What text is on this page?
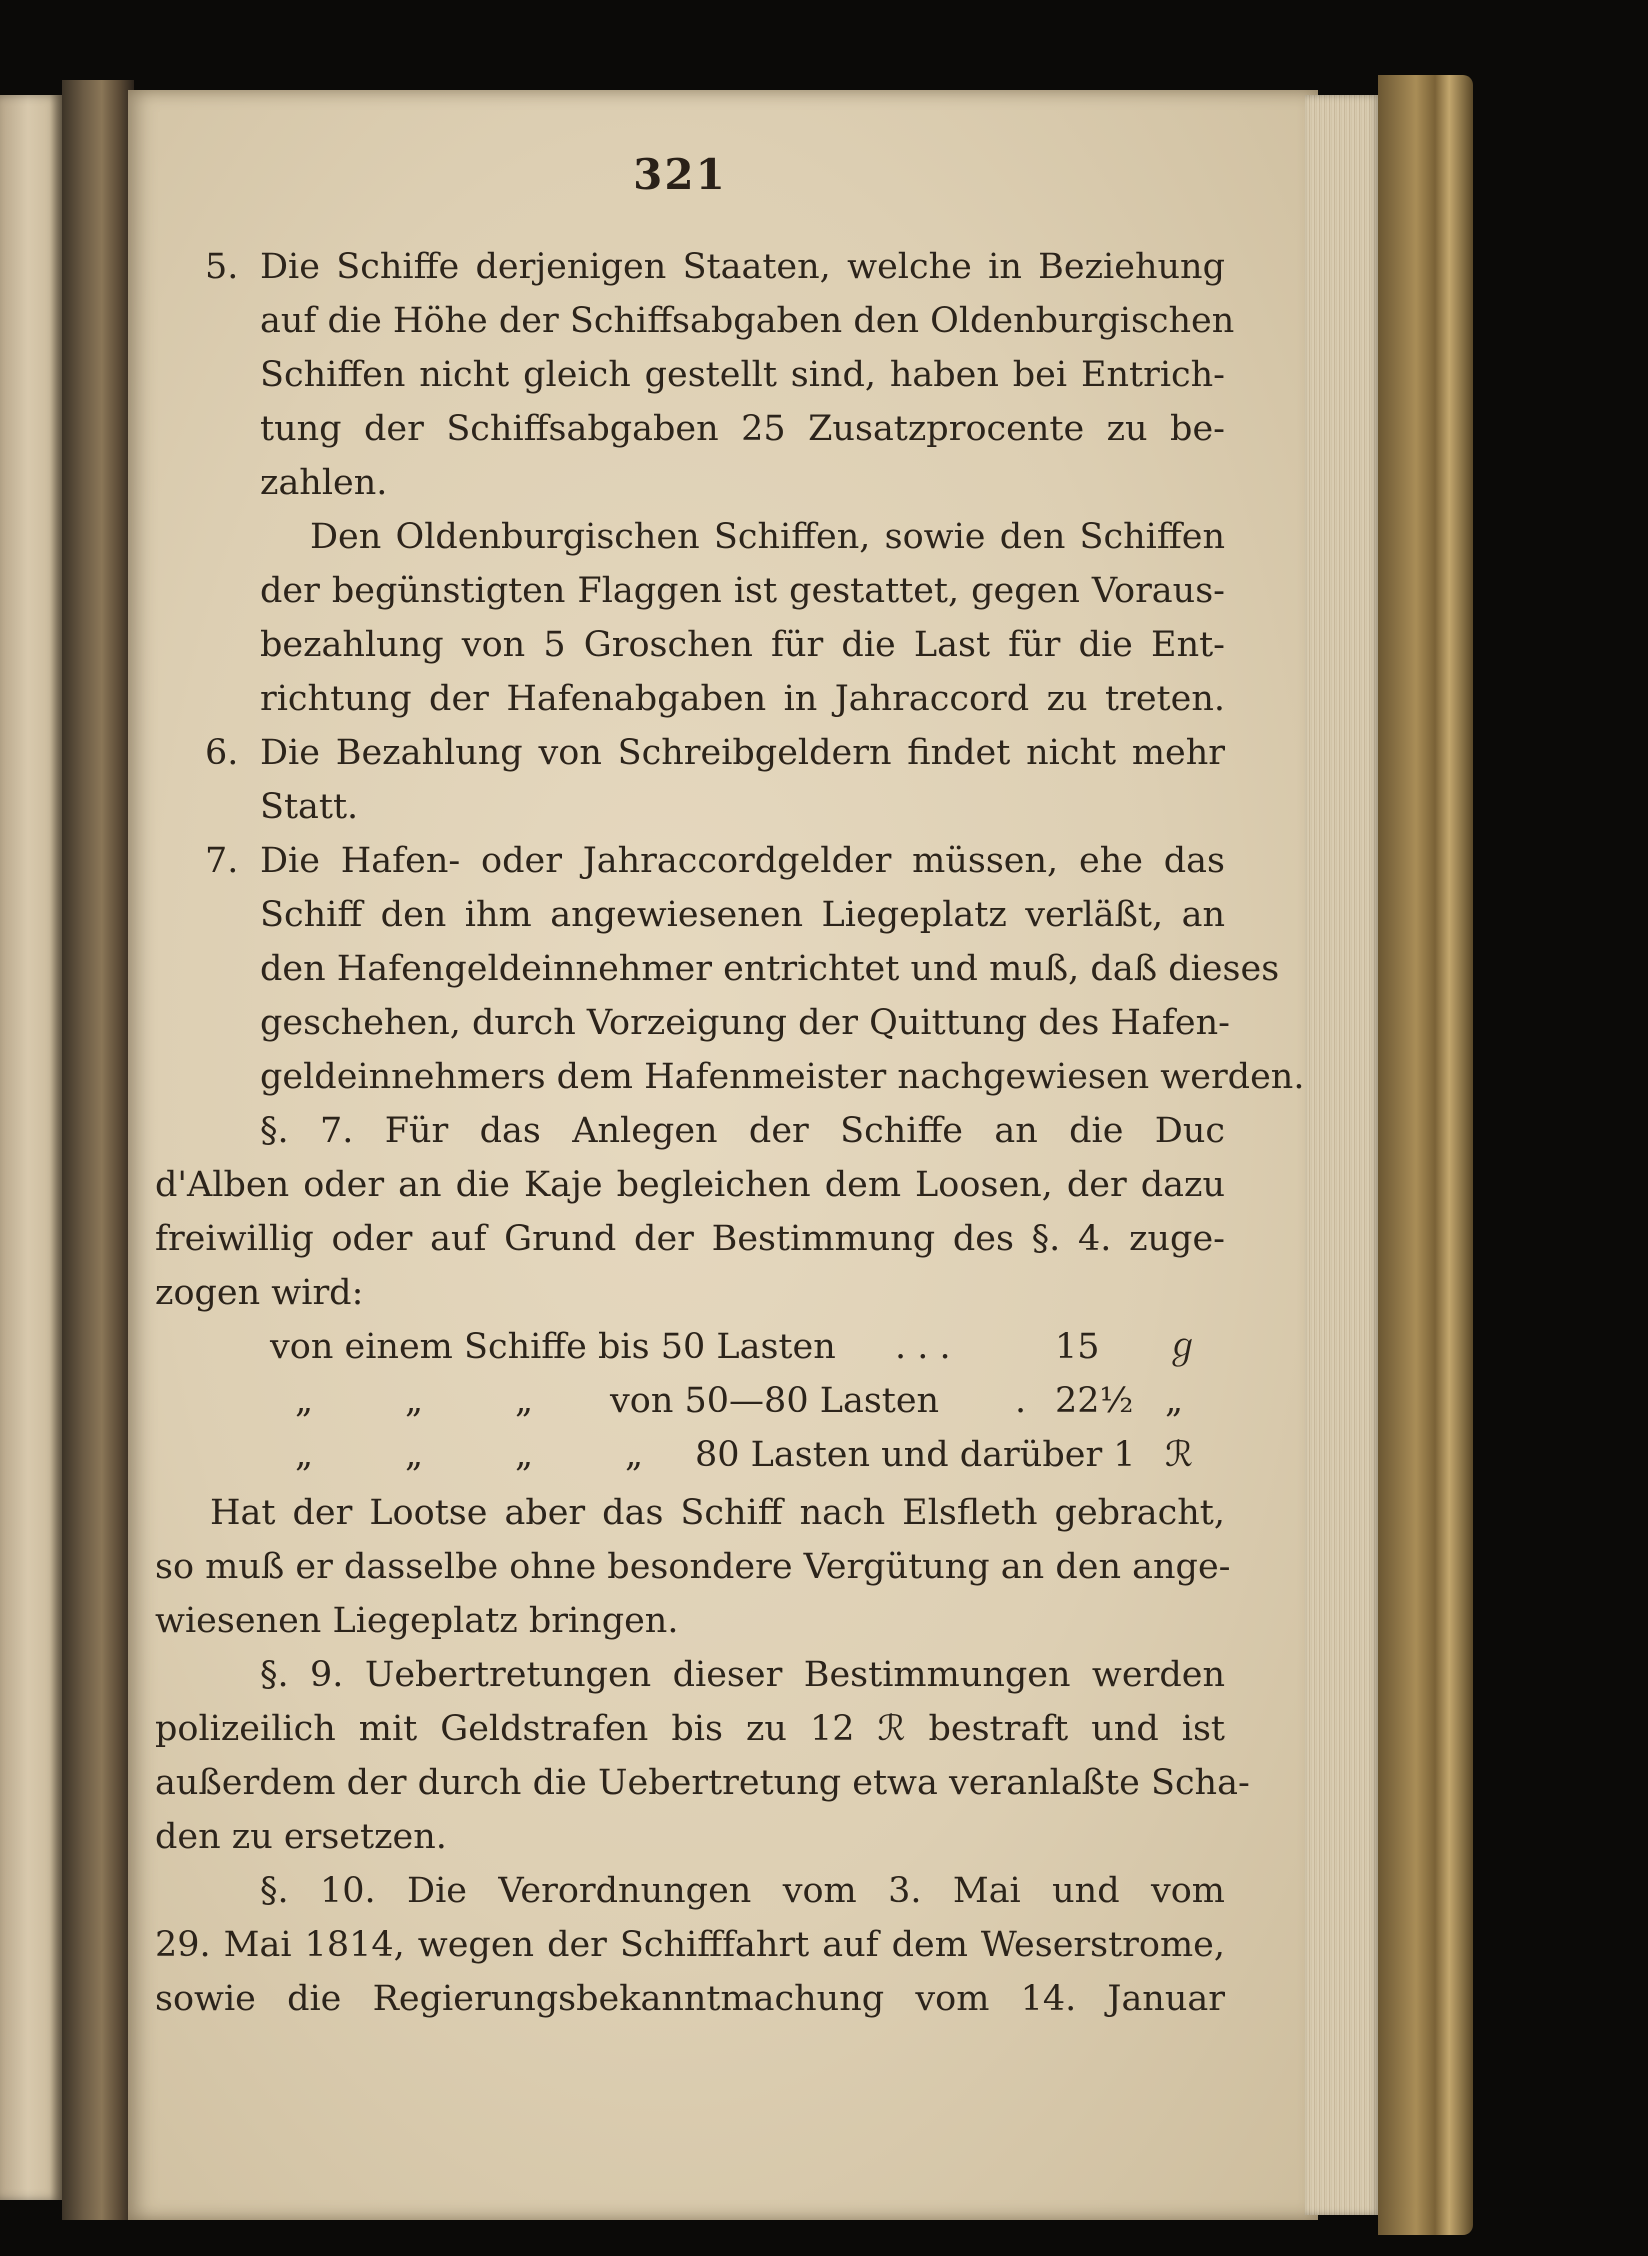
321
5. Die Schiffe derjenigen Staaten, welche in Beziehung
auf die Höhe der Schiffsabgaben den Oldenburgischen
Schiffen nicht gleich gestellt sind, haben bei Entrich-
tung der Schiffsabgaben 25 Zusatzprocente zu be-
zahlen.
Den Oldenburgischen Schiffen, sowie den Schiffen
der begünstigten Flaggen ist gestattet, gegen Voraus-
bezahlung von 5 Groschen für die Last für die Ent-
richtung der Hafenabgaben in Jahraccord zu treten.
6. Die Bezahlung von Schreibgeldern findet nicht mehr
Statt.
7. Die Hafen- oder Jahraccordgelder müssen, ehe das
Schiff den ihm angewiesenen Liegeplatz verläßt, an
den Hafengeldeinnehmer entrichtet und muß, daß dieses
geschehen, durch Vorzeigung der Quittung des Hafen-
geldeinnehmers dem Hafenmeister nachgewiesen werden.
§. 7. Für das Anlegen der Schiffe an die Duc
d'Alben oder an die Kaje begleichen dem Loosen, der dazu
freiwillig oder auf Grund der Bestimmung des §. 4. zuge-
zogen wird:
von einem Schiffe bis 50 Lasten . . .	15 ℊ
„	„	„ von 50—80 Lasten . 22½ „
„	„	„	„ 80 Lasten und darüber 1 ℛ
Hat der Lootse aber das Schiff nach Elsfleth gebracht,
so muß er dasselbe ohne besondere Vergütung an den ange-
wiesenen Liegeplatz bringen.
§. 9. Uebertretungen dieser Bestimmungen werden
polizeilich mit Geldstrafen bis zu 12 ℛ bestraft und ist
außerdem der durch die Uebertretung etwa veranlaßte Scha-
den zu ersetzen.
§. 10. Die Verordnungen vom 3. Mai und vom
29. Mai 1814, wegen der Schifffahrt auf dem Weserstrome,
sowie die Regierungsbekanntmachung vom 14. Januar
